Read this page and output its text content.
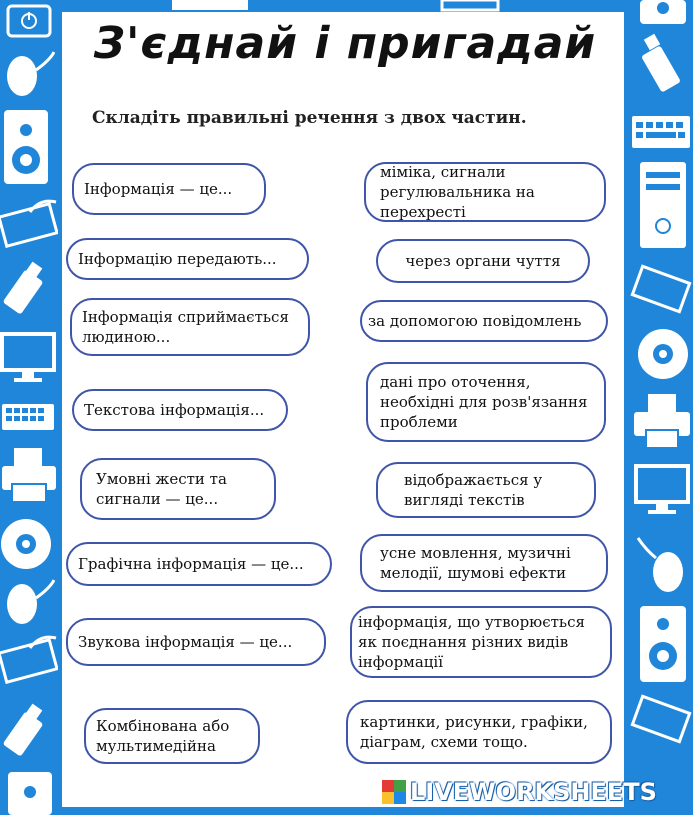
З'єднай і пригадай
Складіть правильні речення з двох частин.
Інформація — це...
Інформацію передають...
Інформація сприймається людиною...
Текстова інформація...
Умовні жести та сигнали — це...
Графічна інформація — це...
Звукова інформація — це...
Комбінована або мультимедійна
міміка, сигнали регулювальника на перехресті
через органи чуття
за допомогою повідомлень
дані про оточення, необхідні для розв'язання проблеми
відображається у вигляді текстів
усне мовлення, музичні мелодії, шумові ефекти
інформація, що утворюється як поєднання різних видів інформації
картинки, рисунки, графіки, діаграм, схеми тощо.
LIVEWORKSHEETS
